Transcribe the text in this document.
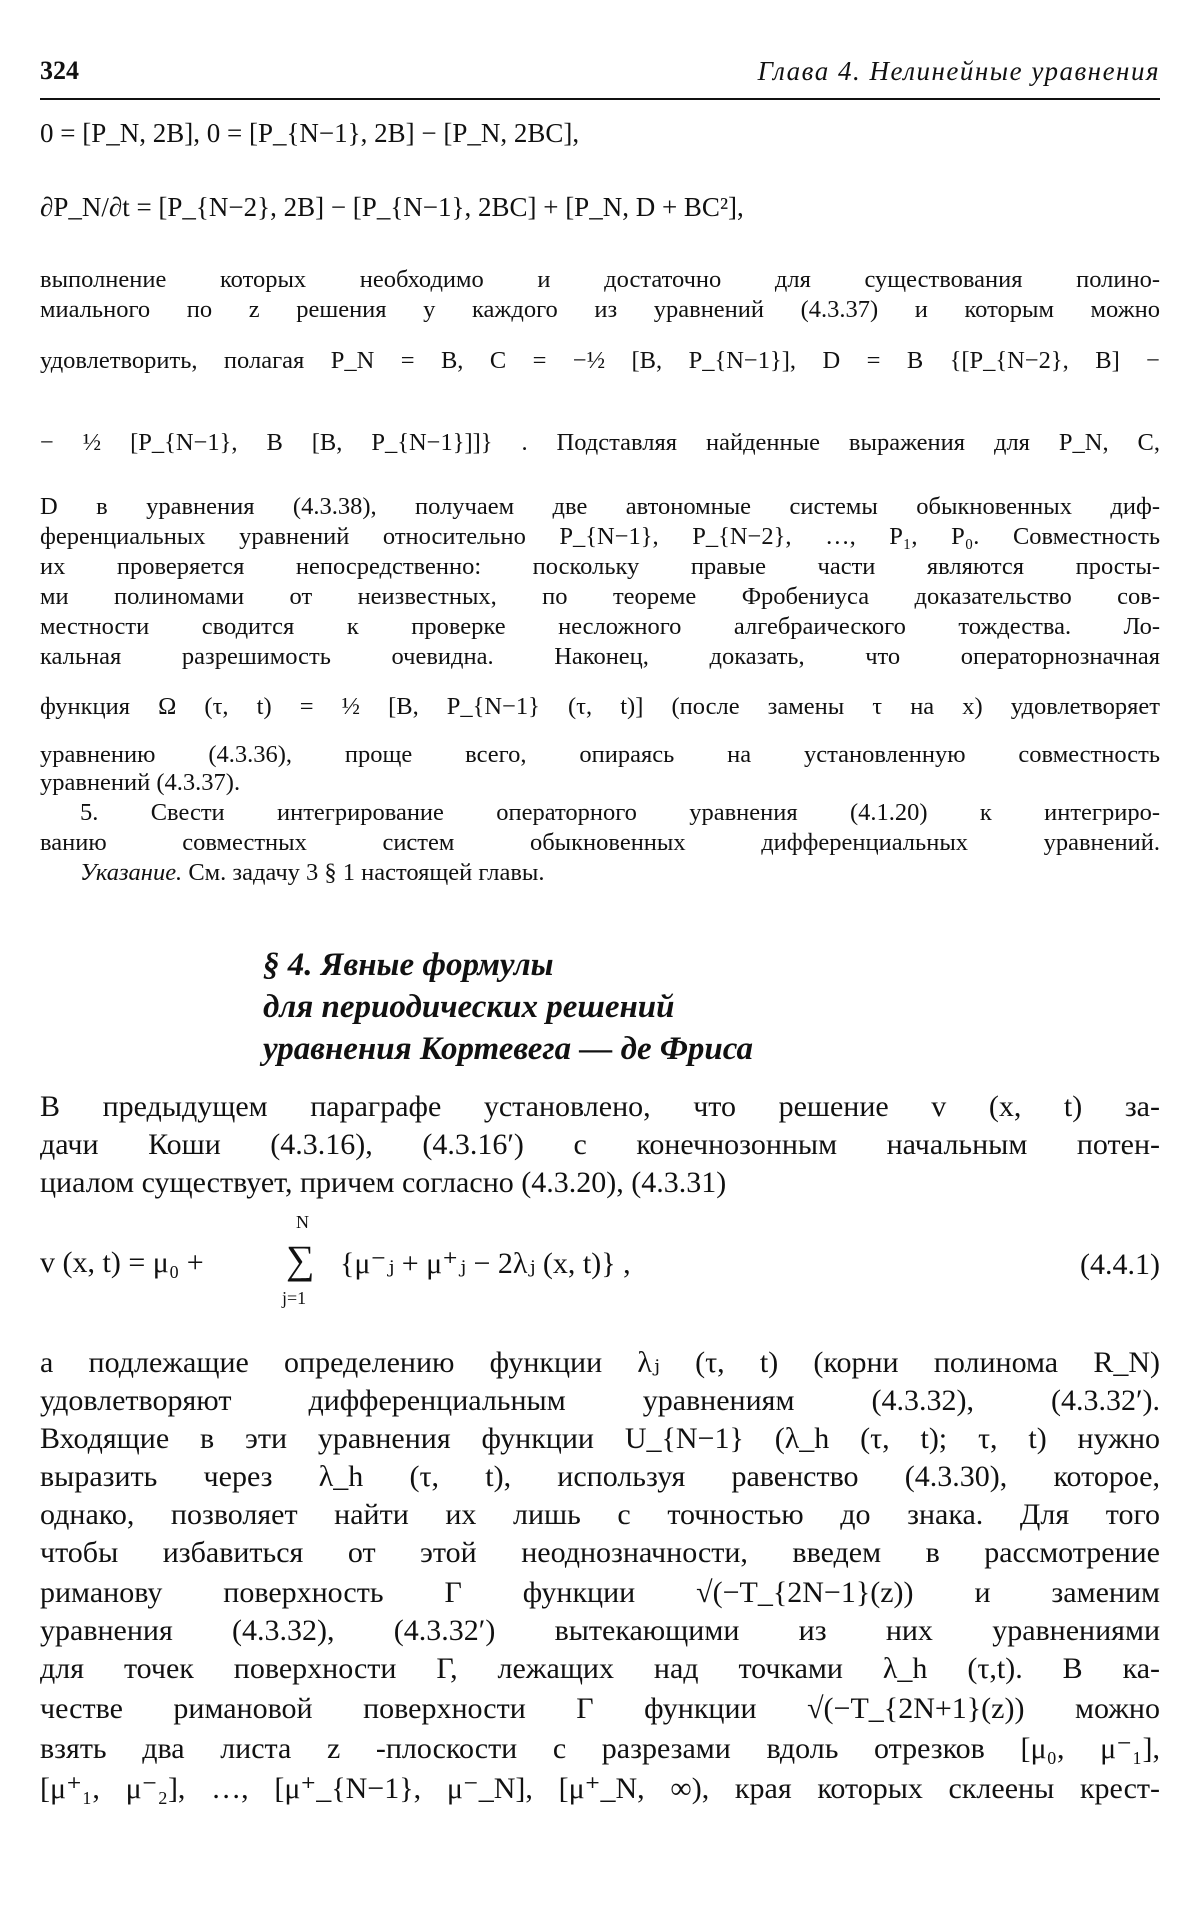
324	Глава 4. Нелинейные уравнения
0 = [P_N, 2B], 0 = [P_{N−1}, 2B] − [P_N, 2BC],
∂P_N/∂t = [P_{N−2}, 2B] − [P_{N−1}, 2BC] + [P_N, D + BC²],
выполнение которых необходимо и достаточно для существования полино-
миального по z решения у каждого из уравнений (4.3.37) и которым можно
удовлетворить, полагая P_N = B, C = −½ [B, P_{N−1}], D = B {[P_{N−2}, B] −
− ½ [P_{N−1}, B [B, P_{N−1}]]} . Подставляя найденные выражения для P_N, C,
D в уравнения (4.3.38), получаем две автономные системы обыкновенных диф-
ференциальных уравнений относительно P_{N−1}, P_{N−2}, …, P₁, P₀. Совместность
их проверяется непосредственно: поскольку правые части являются просты-
ми полиномами от неизвестных, по теореме Фробениуса доказательство сов-
местности сводится к проверке несложного алгебраического тождества. Ло-
кальная разрешимость очевидна. Наконец, доказать, что операторнозначная
функция Ω (τ, t) = ½ [B, P_{N−1} (τ, t)] (после замены τ на x) удовлетворяет
уравнению (4.3.36), проще всего, опираясь на установленную совместность
уравнений (4.3.37).
5. Свести интегрирование операторного уравнения (4.1.20) к интегриро-
ванию совместных систем обыкновенных дифференциальных уравнений.
Указание. См. задачу 3 § 1 настоящей главы.
§ 4. Явные формулы
для периодических решений
уравнения Кортевега — де Фриса
В предыдущем параграфе установлено, что решение v (x, t) за-
дачи Коши (4.3.16), (4.3.16′) с конечнозонным начальным потен-
циалом существует, причем согласно (4.3.20), (4.3.31)
v (x, t) = μ₀ +
N
∑
j=1
{μ⁻ⱼ + μ⁺ⱼ − 2λⱼ (x, t)} ,	(4.4.1)
а подлежащие определению функции λⱼ (τ, t) (корни полинома R_N)
удовлетворяют дифференциальным уравнениям (4.3.32), (4.3.32′).
Входящие в эти уравнения функции U_{N−1} (λ_h (τ, t); τ, t) нужно
выразить через λ_h (τ, t), используя равенство (4.3.30), которое,
однако, позволяет найти их лишь с точностью до знака. Для того
чтобы избавиться от этой неоднозначности, введем в рассмотрение
риманову поверхность Γ функции √(−T_{2N−1}(z)) и заменим
уравнения (4.3.32), (4.3.32′) вытекающими из них уравнениями
для точек поверхности Γ, лежащих над точками λ_h (τ,t). В ка-
честве римановой поверхности Γ функции √(−T_{2N+1}(z)) можно
взять два листа z -плоскости с разрезами вдоль отрезков [μ₀, μ⁻₁],
[μ⁺₁, μ⁻₂], …, [μ⁺_{N−1}, μ⁻_N], [μ⁺_N, ∞), края которых склеены крест-
